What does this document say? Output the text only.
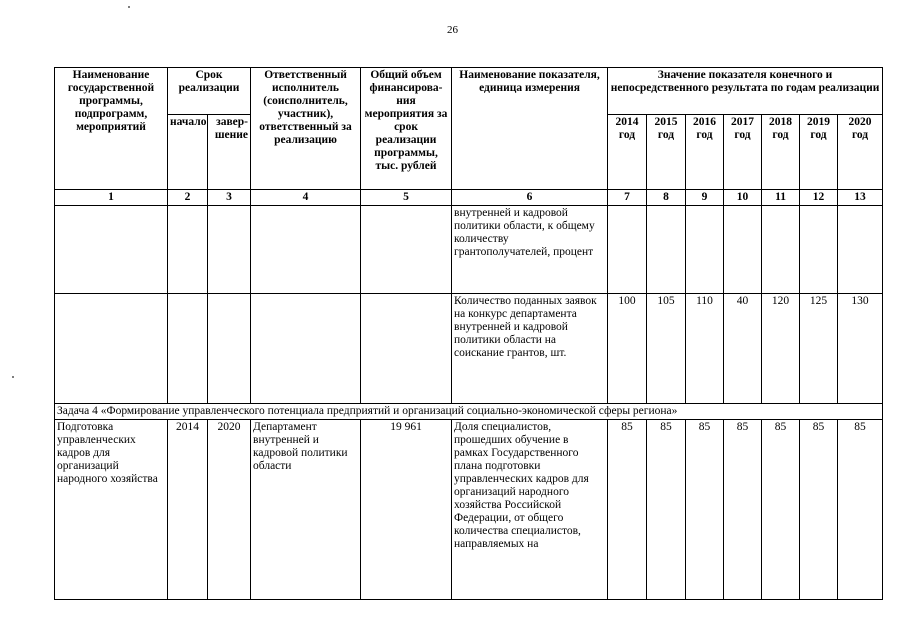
26
Наименование государственной программы, подпрограмм, мероприятий	Срок реализации		Ответственный исполнитель (соисполнитель, участник), ответственный за реализацию	Общий объем финансирова-ния мероприятия за срок реализации программы, тыс. рублей	Наименование показателя, единица измерения	Значение показателя конечного и непосредственного результата по годам реализации						
	начало	завер-шение				2014 год	2015 год	2016 год	2017 год	2018 год	2019 год	2020 год
1	2	3	4	5	6	7	8	9	10	11	12	13
					внутренней и кадровой политики области, к общему количеству грантополучателей, процент							
					Количество поданных заявок на конкурс департамента внутренней и кадровой политики области на соискание грантов, шт.	100	105	110	40	120	125	130
Задача 4 «Формирование управленческого потенциала предприятий и организаций социально-экономической сферы региона»												
Подготовка управленческих кадров для организаций народного хозяйства	2014	2020	Департамент внутренней и кадровой политики области	19 961	Доля специалистов, прошедших обучение в рамках Государственного плана подготовки управленческих кадров для организаций народного хозяйства Российской Федерации, от общего количества специалистов, направляемых на	85	85	85	85	85	85	85
